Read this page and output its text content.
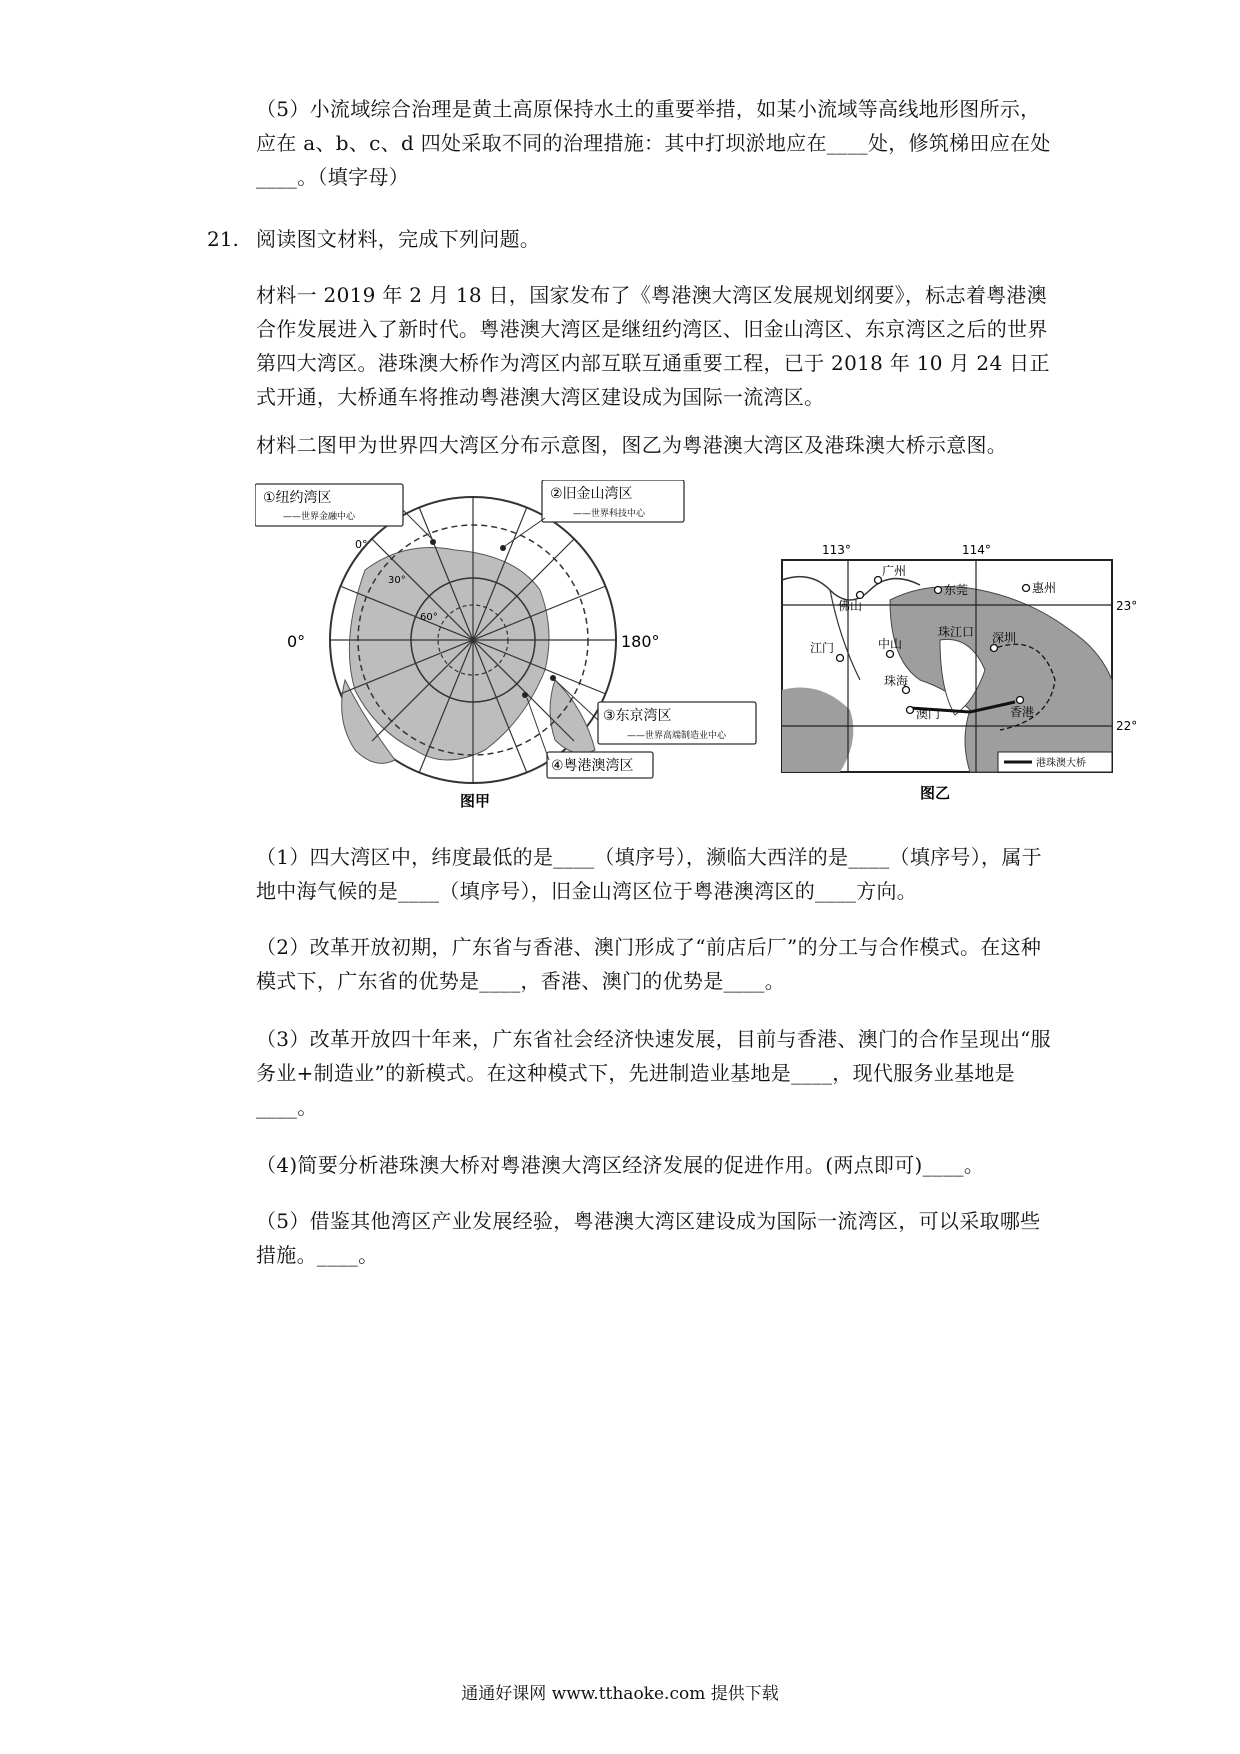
（5）小流域综合治理是黄土高原保持水土的重要举措，如某小流域等高线地形图所示，应在 a、b、c、d 四处采取不同的治理措施：其中打坝淤地应在____处，修筑梯田应在处____。（填字母）
21. 阅读图文材料，完成下列问题。
材料一 2019 年 2 月 18 日，国家发布了《粤港澳大湾区发展规划纲要》，标志着粤港澳合作发展进入了新时代。粤港澳大湾区是继纽约湾区、旧金山湾区、东京湾区之后的世界第四大湾区。港珠澳大桥作为湾区内部互联互通重要工程，已于 2018 年 10 月 24 日正式开通，大桥通车将推动粤港澳大湾区建设成为国际一流湾区。
材料二图甲为世界四大湾区分布示意图，图乙为粤港澳大湾区及港珠澳大桥示意图。
0°	180°
0°
30°
60°
①纽约湾区
——世界金融中心
②旧金山湾区
——世界科技中心
③东京湾区
——世界高端制造业中心
④粤港澳湾区
图甲
113°	114°
23°
22°
广州
佛山
东莞	惠州
江门	中山	深圳
珠江口
珠海
澳门	香港
港珠澳大桥
图乙
（1）四大湾区中，纬度最低的是____（填序号），濒临大西洋的是____（填序号），属于地中海气候的是____（填序号），旧金山湾区位于粤港澳湾区的____方向。
（2）改革开放初期，广东省与香港、澳门形成了“前店后厂”的分工与合作模式。在这种模式下，广东省的优势是____，香港、澳门的优势是____。
（3）改革开放四十年来，广东省社会经济快速发展，目前与香港、澳门的合作呈现出“服务业+制造业”的新模式。在这种模式下，先进制造业基地是____，现代服务业基地是____。
（4)简要分析港珠澳大桥对粤港澳大湾区经济发展的促进作用。(两点即可)____。
（5）借鉴其他湾区产业发展经验，粤港澳大湾区建设成为国际一流湾区，可以采取哪些措施。____。
通通好课网 www.tthaoke.com 提供下载
